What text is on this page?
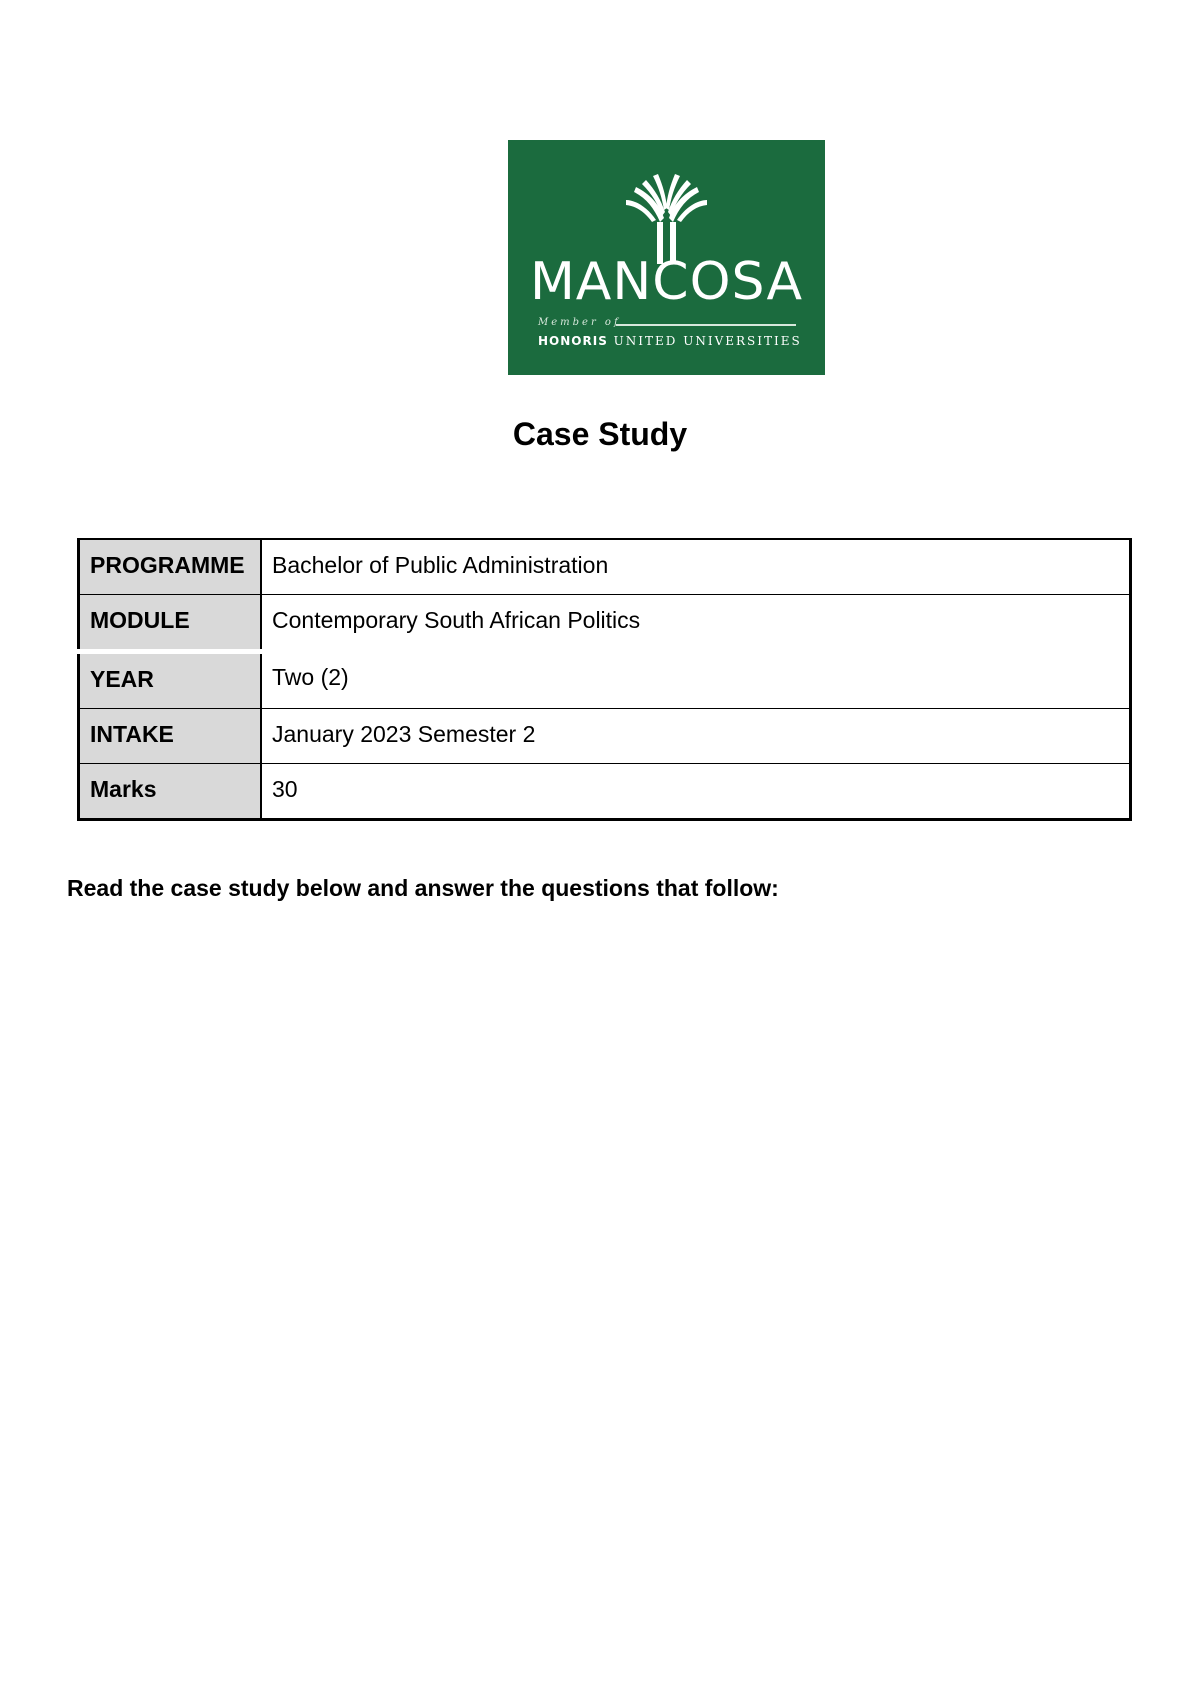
MANCOSA
Member of
HONORIS UNITED UNIVERSITIES
Case Study
PROGRAMME	Bachelor of Public Administration
MODULE	Contemporary South African Politics
YEAR	Two (2)
INTAKE	January 2023 Semester 2
Marks	30
Read the case study below and answer the questions that follow:
